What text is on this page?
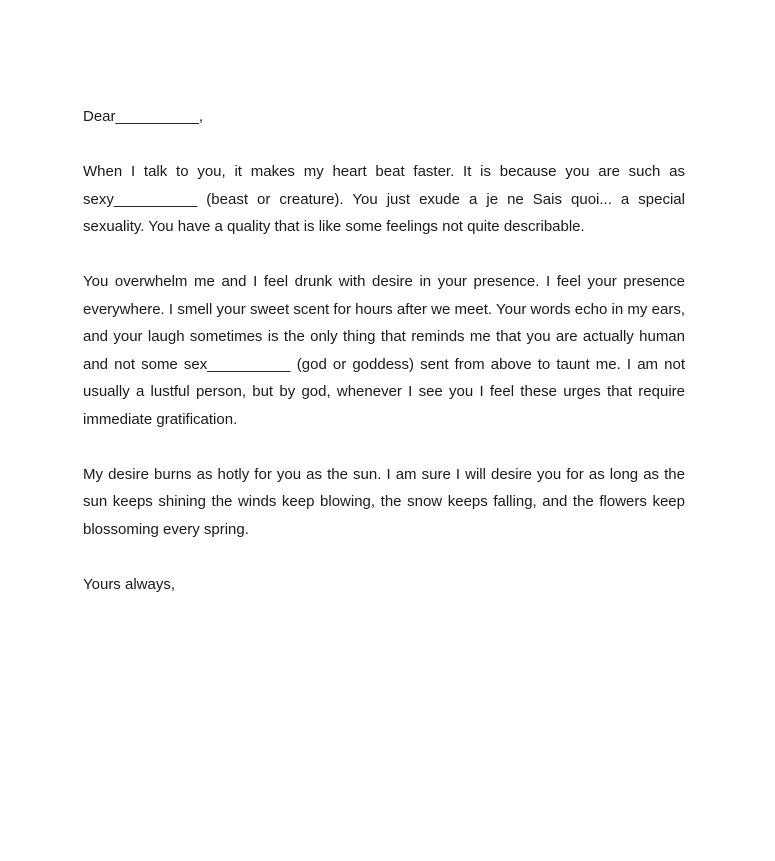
Dear__________,

When I talk to you, it makes my heart beat faster. It is because you are such as sexy__________ (beast or creature). You just exude a je ne Sais quoi... a special sexuality. You have a quality that is like some feelings not quite describable.

You overwhelm me and I feel drunk with desire in your presence. I feel your presence everywhere. I smell your sweet scent for hours after we meet. Your words echo in my ears, and your laugh sometimes is the only thing that reminds me that you are actually human and not some sex__________ (god or goddess) sent from above to taunt me. I am not usually a lustful person, but by god, whenever I see you I feel these urges that require immediate gratification.

My desire burns as hotly for you as the sun. I am sure I will desire you for as long as the sun keeps shining the winds keep blowing, the snow keeps falling, and the flowers keep blossoming every spring.

Yours always,
